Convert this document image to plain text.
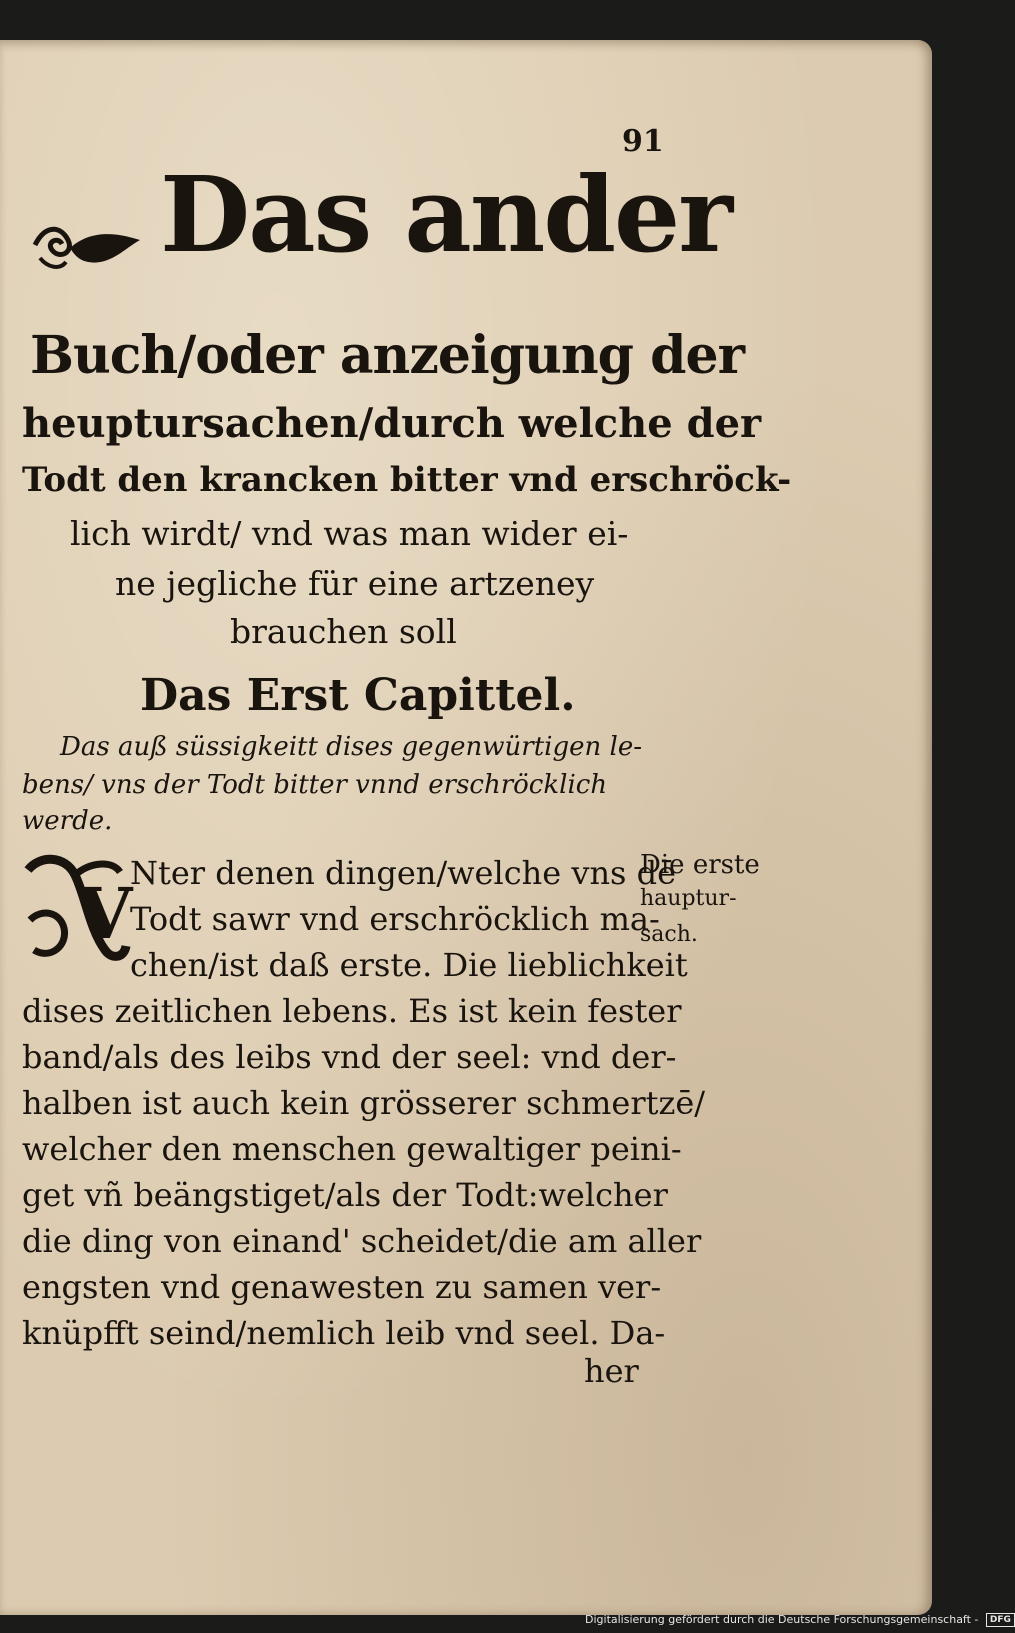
91
Das ander
Buch/oder anzeigung der
heuptursachen/durch welche der
Todt den krancken bitter vnd erschröck-
lich wirdt/ vnd was man wider ei-
ne jegliche für eine artzeney
brauchen soll
Das Erst Capittel.
Das auß süssigkeitt dises gegenwürtigen le-
bens/ vns der Todt bitter vnnd erschröcklich
werde.
V
Nter denen dingen/welche vns dē
Todt sawr vnd erschröcklich ma-
chen/ist daß erste. Die lieblichkeit
dises zeitlichen lebens. Es ist kein fester
band/als des leibs vnd der seel: vnd der-
halben ist auch kein grösserer schmertzē/
welcher den menschen gewaltiger peini-
get vñ beängstiget/als der Todt:welcher
die ding von einand' scheidet/die am aller
engsten vnd genawesten zu samen ver-
knüpfft seind/nemlich leib vnd seel. Da-
her
Die erste
hauptur-
sach.
Digitalisierung gefördert durch die Deutsche Forschungsgemeinschaft - DFG
